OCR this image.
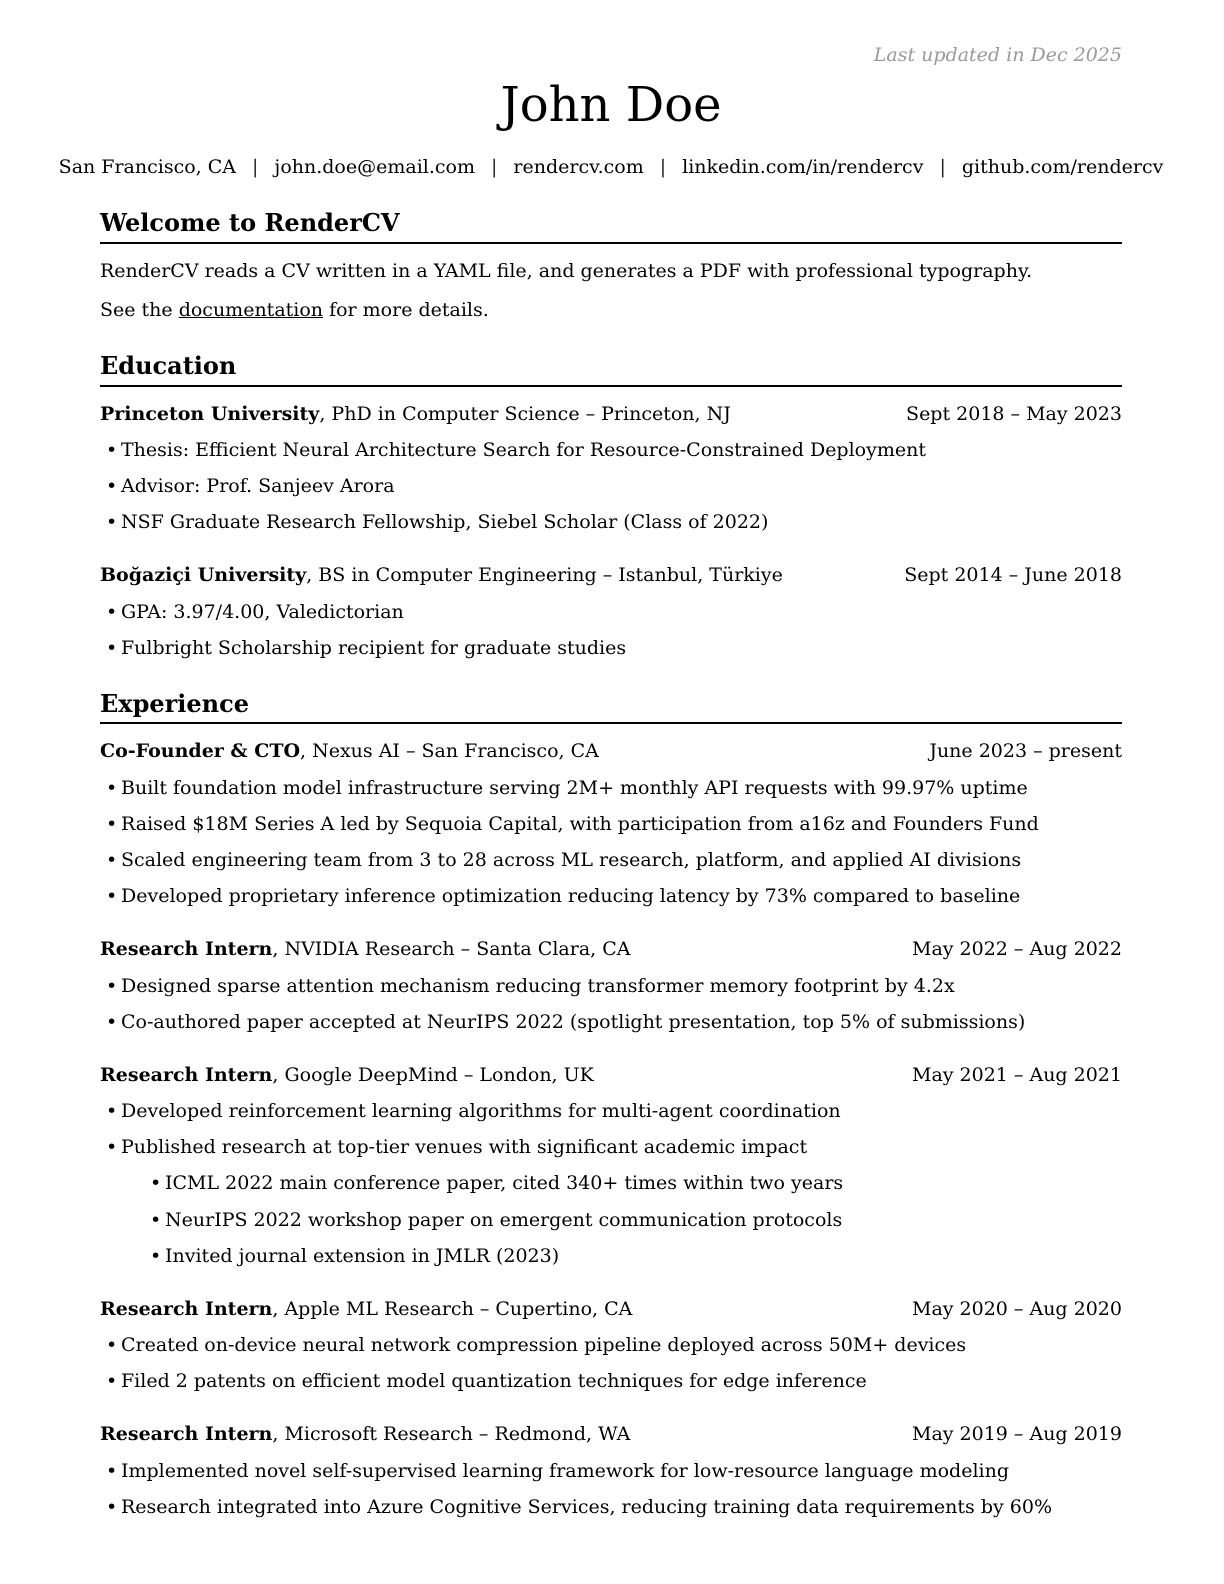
Last updated in Dec 2025
John Doe
San Francisco, CA | john.doe@email.com | rendercv.com | linkedin.com/in/rendercv | github.com/rendercv
Welcome to RenderCV
RenderCV reads a CV written in a YAML file, and generates a PDF with professional typography.
See the documentation for more details.
Education
Princeton University, PhD in Computer Science – Princeton, NJ	Sept 2018 – May 2023
• Thesis: Efficient Neural Architecture Search for Resource-Constrained Deployment
• Advisor: Prof. Sanjeev Arora
• NSF Graduate Research Fellowship, Siebel Scholar (Class of 2022)
Boğaziçi University, BS in Computer Engineering – Istanbul, Türkiye	Sept 2014 – June 2018
• GPA: 3.97/4.00, Valedictorian
• Fulbright Scholarship recipient for graduate studies
Experience
Co-Founder & CTO, Nexus AI – San Francisco, CA	June 2023 – present
• Built foundation model infrastructure serving 2M+ monthly API requests with 99.97% uptime
• Raised $18M Series A led by Sequoia Capital, with participation from a16z and Founders Fund
• Scaled engineering team from 3 to 28 across ML research, platform, and applied AI divisions
• Developed proprietary inference optimization reducing latency by 73% compared to baseline
Research Intern, NVIDIA Research – Santa Clara, CA	May 2022 – Aug 2022
• Designed sparse attention mechanism reducing transformer memory footprint by 4.2x
• Co-authored paper accepted at NeurIPS 2022 (spotlight presentation, top 5% of submissions)
Research Intern, Google DeepMind – London, UK	May 2021 – Aug 2021
• Developed reinforcement learning algorithms for multi-agent coordination
• Published research at top-tier venues with significant academic impact
• ICML 2022 main conference paper, cited 340+ times within two years
• NeurIPS 2022 workshop paper on emergent communication protocols
• Invited journal extension in JMLR (2023)
Research Intern, Apple ML Research – Cupertino, CA	May 2020 – Aug 2020
• Created on-device neural network compression pipeline deployed across 50M+ devices
• Filed 2 patents on efficient model quantization techniques for edge inference
Research Intern, Microsoft Research – Redmond, WA	May 2019 – Aug 2019
• Implemented novel self-supervised learning framework for low-resource language modeling
• Research integrated into Azure Cognitive Services, reducing training data requirements by 60%
